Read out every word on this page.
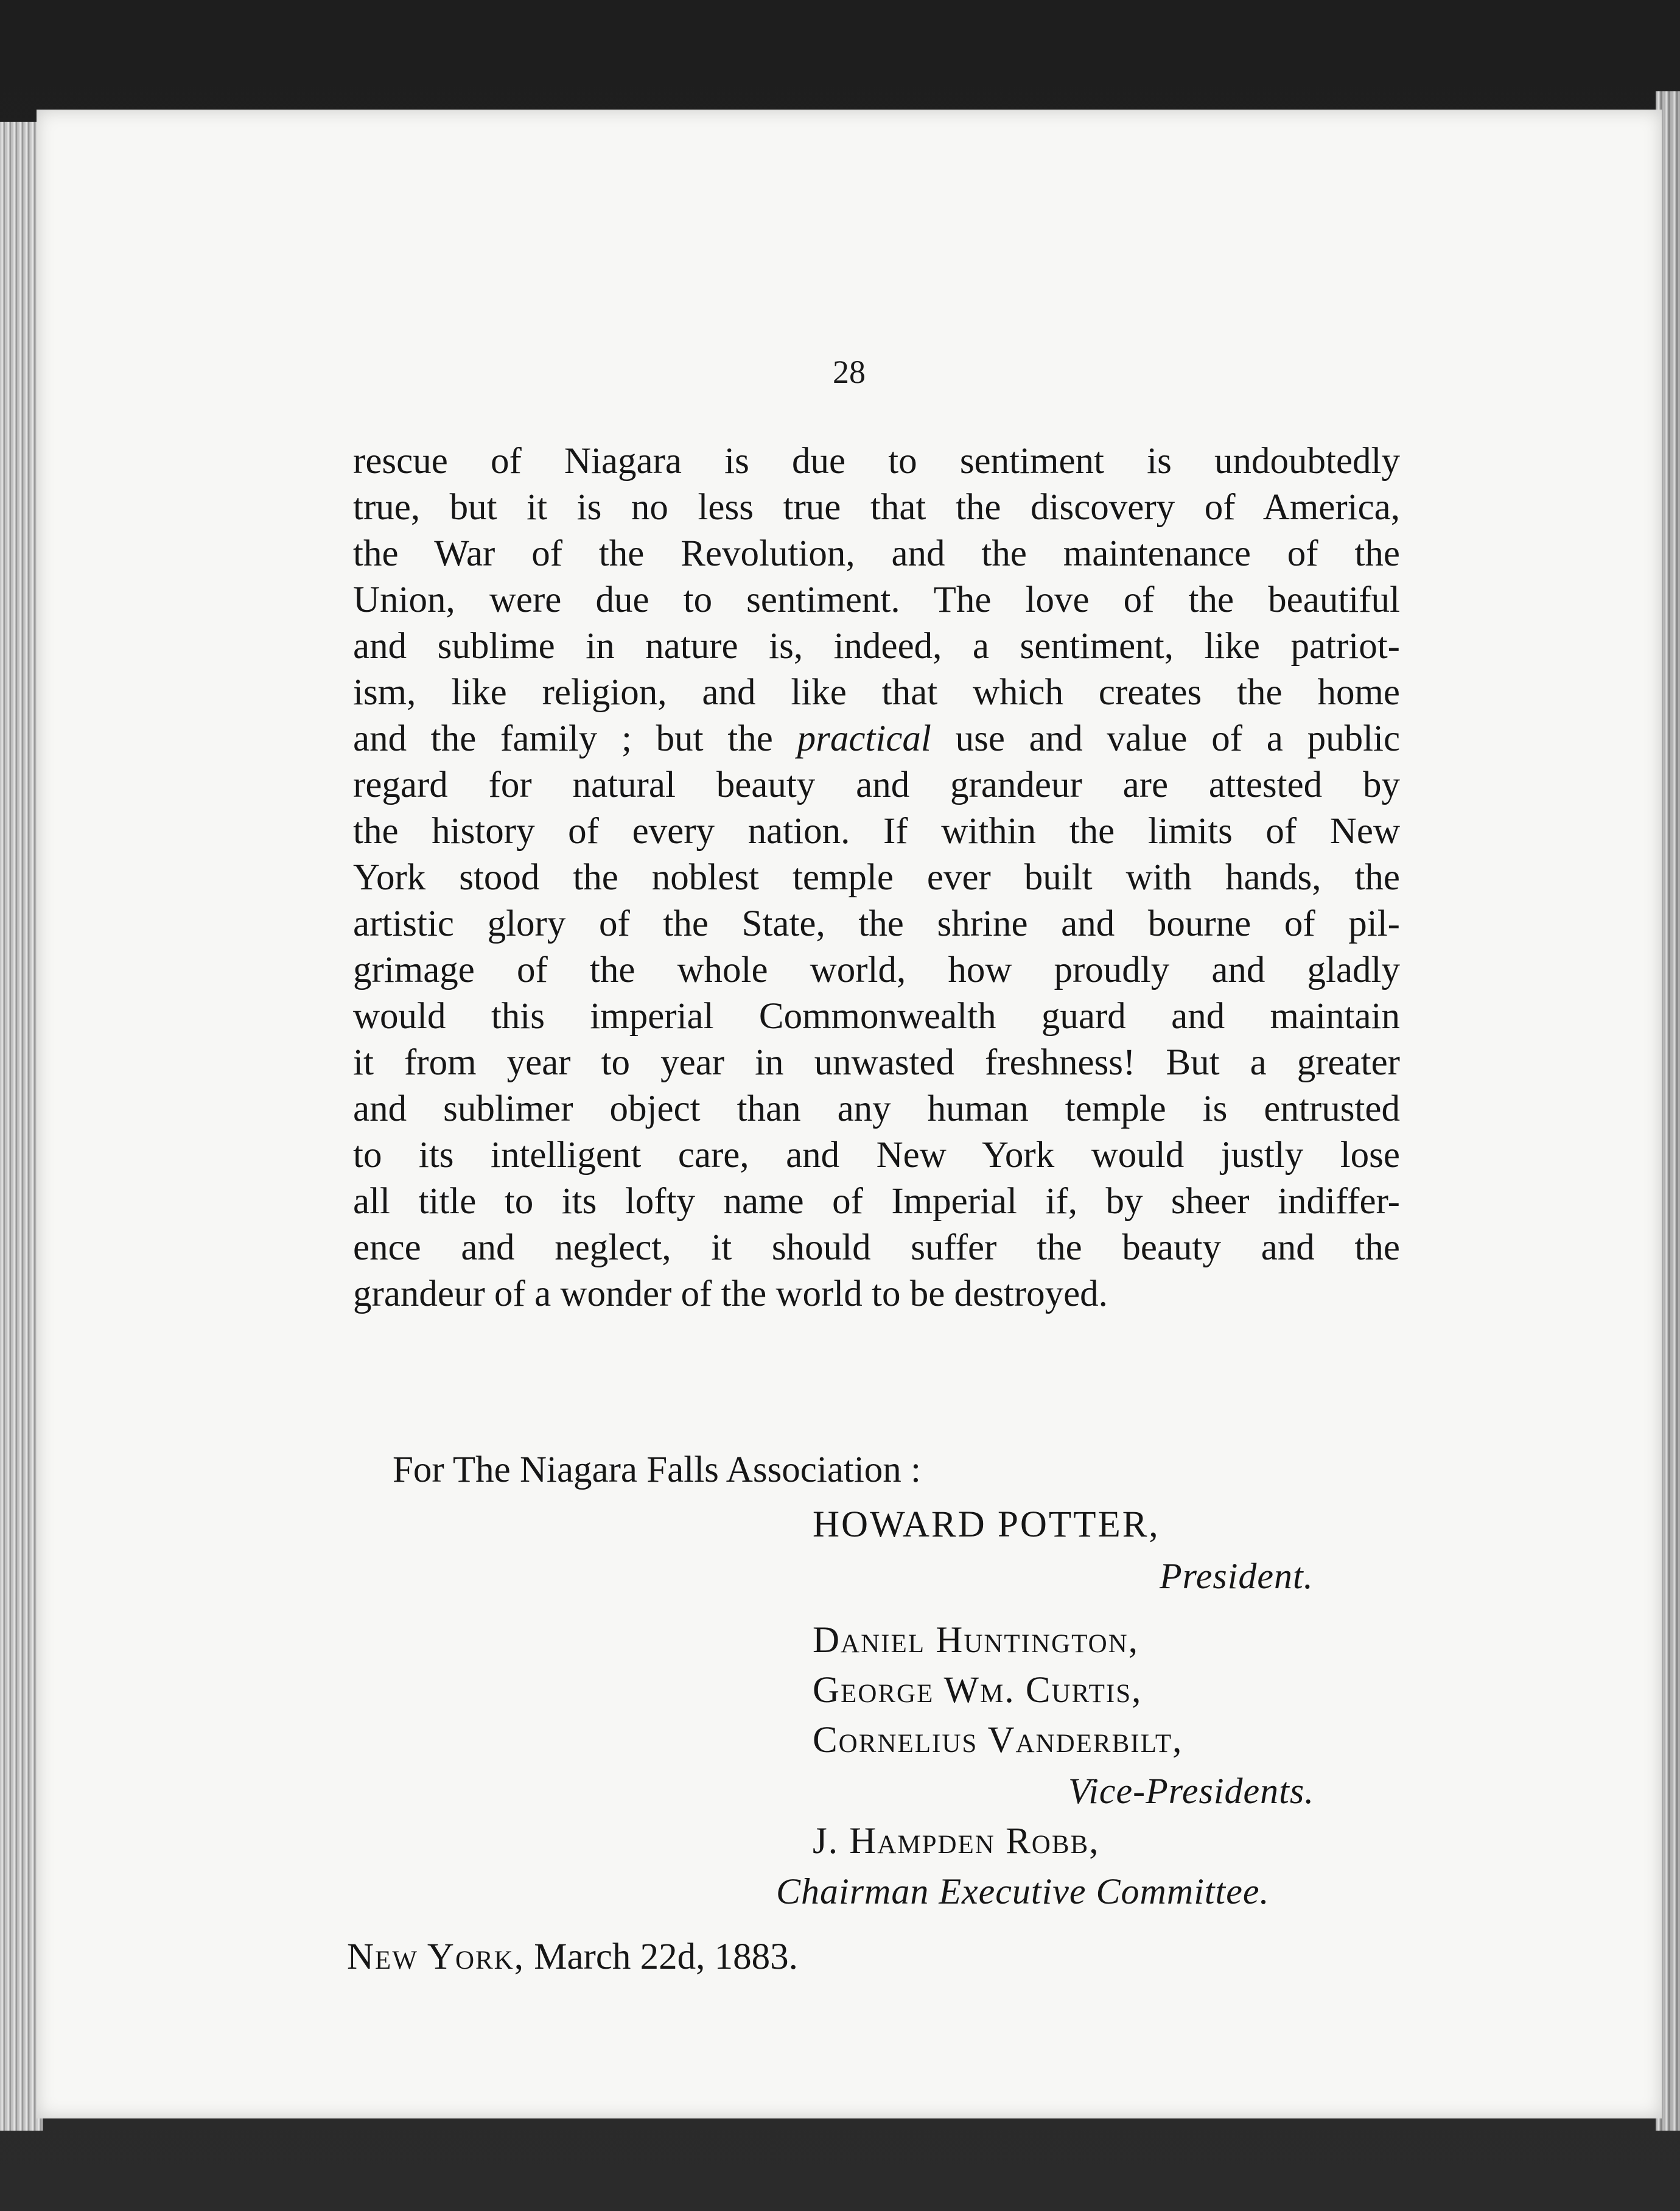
28
rescue of Niagara is due to sentiment is undoubtedly
true, but it is no less true that the discovery of America,
the War of the Revolution, and the maintenance of the
Union, were due to sentiment. The love of the beautiful
and sublime in nature is, indeed, a sentiment, like patriot-
ism, like religion, and like that which creates the home
and the family ; but the practical use and value of a public
regard for natural beauty and grandeur are attested by
the history of every nation. If within the limits of New
York stood the noblest temple ever built with hands, the
artistic glory of the State, the shrine and bourne of pil-
grimage of the whole world, how proudly and gladly
would this imperial Commonwealth guard and maintain
it from year to year in unwasted freshness! But a greater
and sublimer object than any human temple is entrusted
to its intelligent care, and New York would justly lose
all title to its lofty name of Imperial if, by sheer indiffer-
ence and neglect, it should suffer the beauty and the
grandeur of a wonder of the world to be destroyed.
For The Niagara Falls Association :
HOWARD POTTER,
President.
Daniel Huntington,
George Wm. Curtis,
Cornelius Vanderbilt,
Vice-Presidents.
J. Hampden Robb,
Chairman Executive Committee.
New York, March 22d, 1883.
